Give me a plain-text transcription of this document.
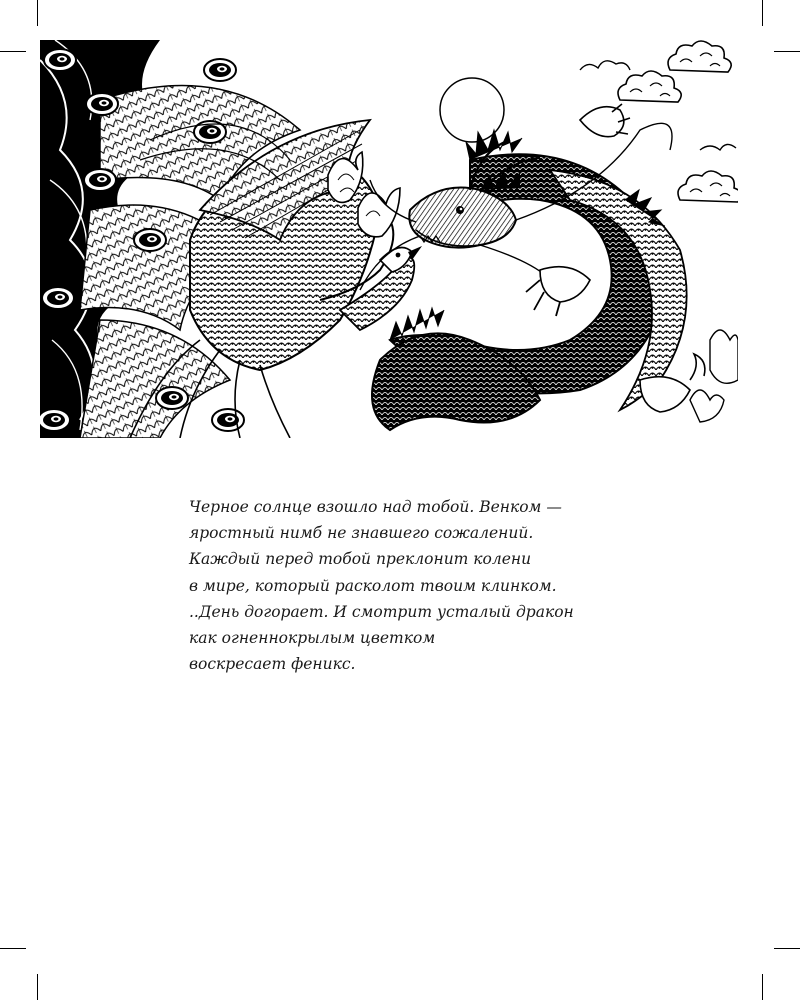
Черное солнце взошло над тобой. Венком —
яростный нимб не знавшего сожалений.
Каждый перед тобой преклонит колени
в мире, который расколот твоим клинком.
..День догорает. И смотрит усталый дракон
как огненнокрылым цветком
воскресает феникс.
